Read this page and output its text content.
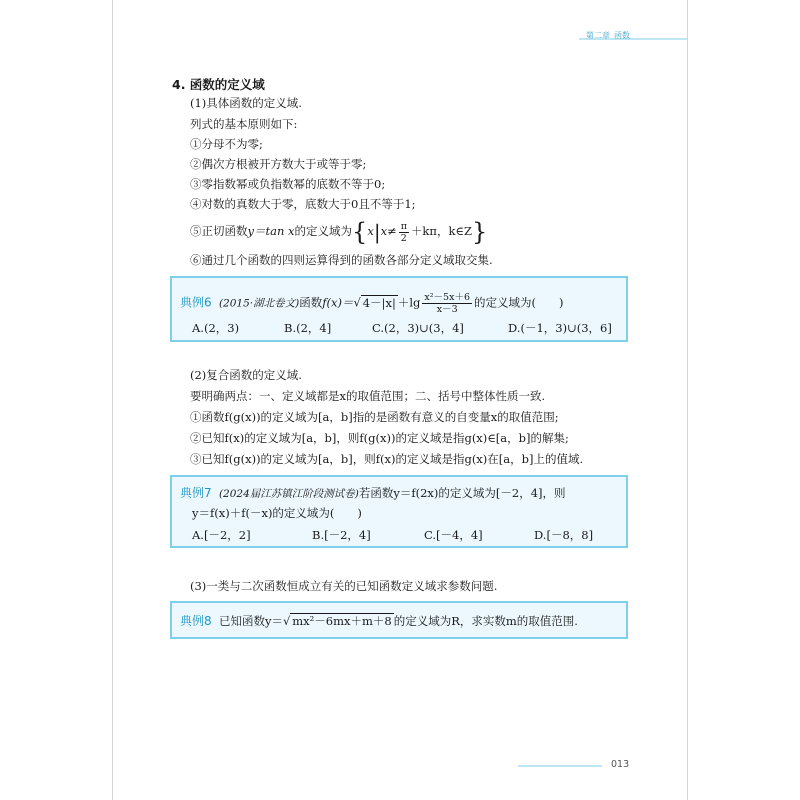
第二章 函数
4. 函数的定义域
(1)具体函数的定义域.
列式的基本原则如下:
①分母不为零;
②偶次方根被开方数大于或等于零;
③零指数幂或负指数幂的底数不等于0;
④对数的真数大于零，底数大于0且不等于1;
⑤正切函数y＝tan x的定义域为{$x|x\ne \frac{\pi}{2} +k\pi$，k∈Z}
⑥通过几个函数的四则运算得到的函数各部分定义域取交集.
典例6 (2015·湖北卷文)函数f(x)＝√ $4-|x| +\lg \frac{\text{x²－5x＋6}}{x-3}$ 的定义域为(　　)
A.(2，3)	B.(2，4]	C.(2，3)∪(3，4]	D.(－1，3)∪(3，6]
(2)复合函数的定义域.
要明确两点：一、定义域都是x的取值范围；二、括号中整体性质一致.
①函数f(g(x))的定义域为[a，b]指的是函数有意义的自变量x的取值范围;
②已知f(x)的定义域为[a，b]，则f(g(x))的定义域是指g(x)∈[a，b]的解集;
③已知f(g(x))的定义域为[a，b]，则f(x)的定义域是指g(x)在[a，b]上的值域.
典例7 (2024届江苏镇江阶段测试卷)若函数y＝f(2x)的定义域为[－2，4]，则
y＝f(x)＋f(－x)的定义域为(　　)
A.[－2，2]	B.[－2，4]	C.[－4，4]	D.[－8，8]
(3)一类与二次函数恒成立有关的已知函数定义域求参数问题.
典例8 已知函数y＝√ mx²－6mx＋m＋8 的定义域为R，求实数m的取值范围.
013
